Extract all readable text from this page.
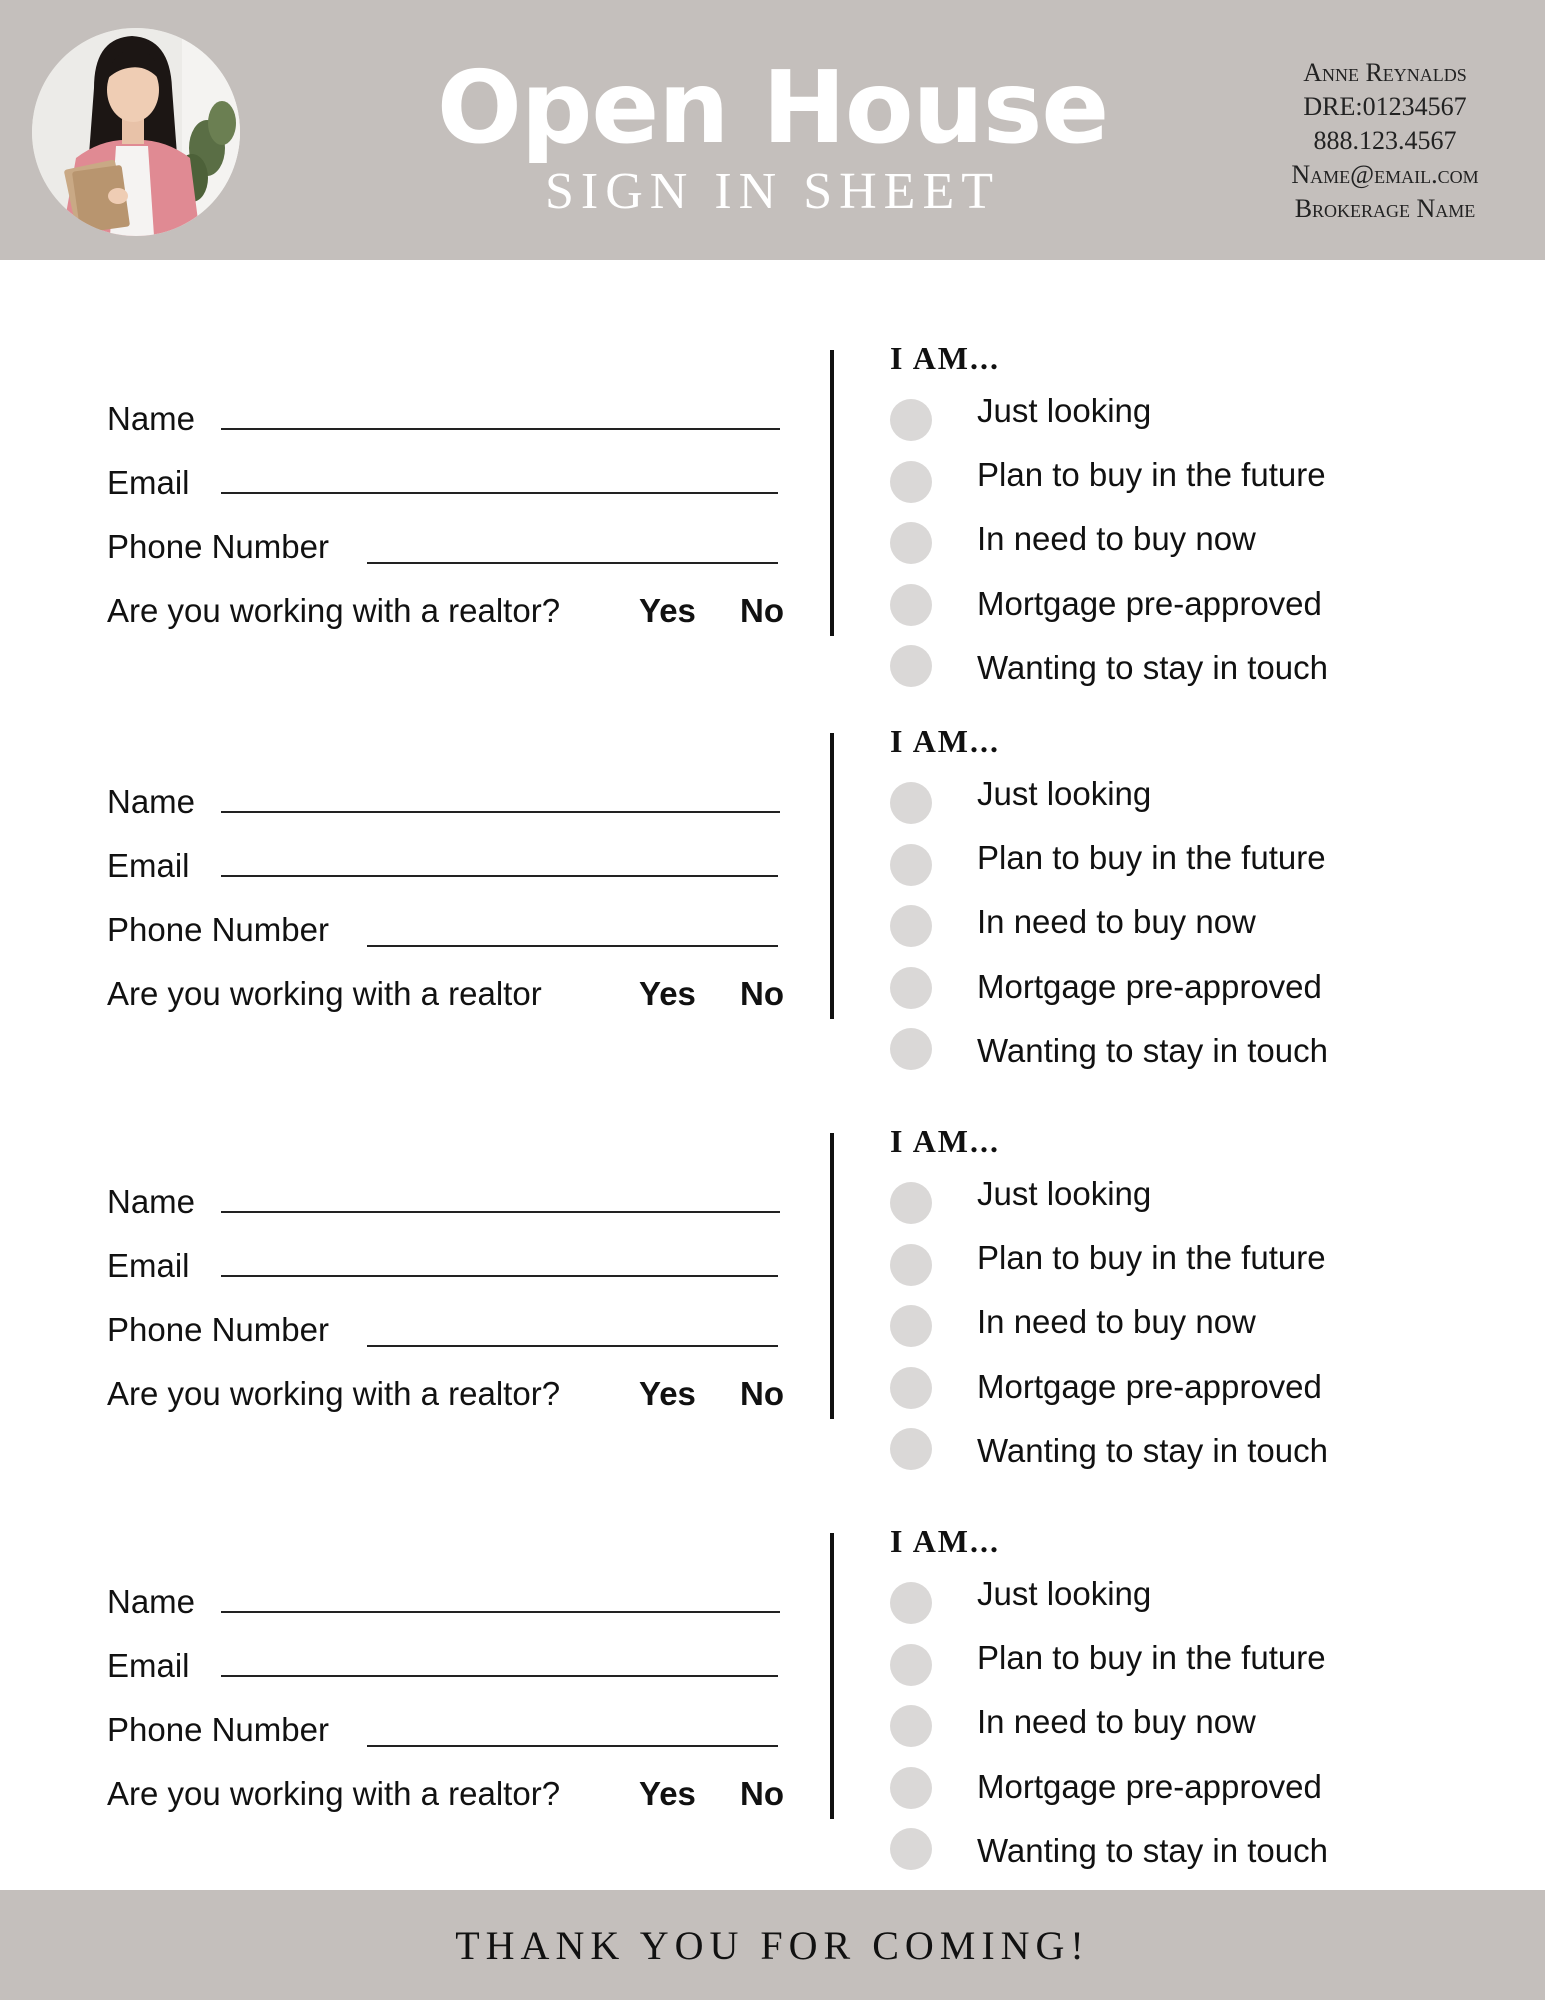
Open House
SIGN IN SHEET
Anne Reynalds
DRE:01234567
888.123.4567
Name@email.com
Brokerage Name
Name
Email
Phone Number
Are you working with a realtor? Yes No
I AM...
Just looking
Plan to buy in the future
In need to buy now
Mortgage pre-approved
Wanting to stay in touch
Name
Email
Phone Number
Are you working with a realtor	Yes No
I AM...
Just looking
Plan to buy in the future
In need to buy now
Mortgage pre-approved
Wanting to stay in touch
Name
Email
Phone Number
Are you working with a realtor? Yes No
I AM...
Just looking
Plan to buy in the future
In need to buy now
Mortgage pre-approved
Wanting to stay in touch
Name
Email
Phone Number
Are you working with a realtor? Yes No
I AM...
Just looking
Plan to buy in the future
In need to buy now
Mortgage pre-approved
Wanting to stay in touch
THANK YOU FOR COMING!
